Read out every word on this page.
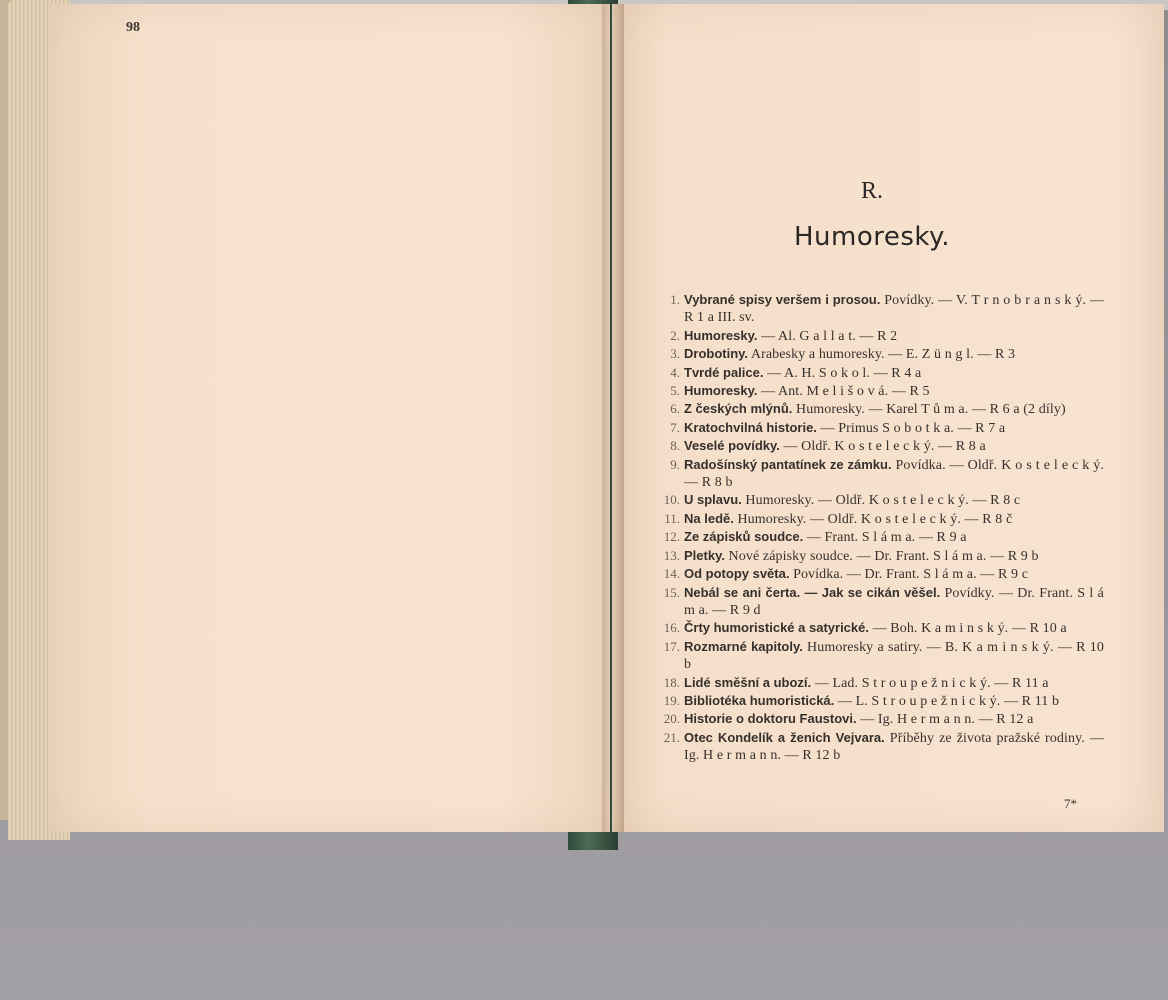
98
R.
Humoresky.
1. Vybrané spisy veršem i prosou. Povídky. — V. T r n o b r a n s k ý. — R 1 a III. sv.
2. Humoresky. — Al. G a l l a t. — R 2
3. Drobotiny. Arabesky a humoresky. — E. Z ü n g l. — R 3
4. Tvrdé palice. — A. H. S o k o l. — R 4 a
5. Humoresky. — Ant. M e l i š o v á. — R 5
6. Z českých mlýnů. Humoresky. — Karel T ů m a. — R 6 a (2 díly)
7. Kratochvilná historie. — Primus S o b o t k a. — R 7 a
8. Veselé povídky. — Oldř. K o s t e l e c k ý. — R 8 a
9. Radošínský pantatínek ze zámku. Povídka. — Oldř. K o s t e l e c k ý. — R 8 b
10. U splavu. Humoresky. — Oldř. K o s t e l e c k ý. — R 8 c
11. Na ledě. Humoresky. — Oldř. K o s t e l e c k ý. — R 8 č
12. Ze zápisků soudce. — Frant. S l á m a. — R 9 a
13. Pletky. Nové zápisky soudce. — Dr. Frant. S l á m a. — R 9 b
14. Od potopy světa. Povídka. — Dr. Frant. S l á m a. — R 9 c
15. Nebál se ani čerta. — Jak se cikán věšel. Povídky. — Dr. Frant. S l á m a. — R 9 d
16. Črty humoristické a satyrické. — Boh. K a m i n s k ý. — R 10 a
17. Rozmarné kapitoly. Humoresky a satiry. — B. K a m i n s k ý. — R 10 b
18. Lidé směšní a ubozí. — Lad. S t r o u p e ž n i c k ý. — R 11 a
19. Bibliotéka humoristická. — L. S t r o u p e ž n i c k ý. — R 11 b
20. Historie o doktoru Faustovi. — Ig. H e r m a n n. — R 12 a
21. Otec Kondelík a ženich Vejvara. Příběhy ze života pražské rodiny. — Ig. H e r m a n n. — R 12 b
7*
